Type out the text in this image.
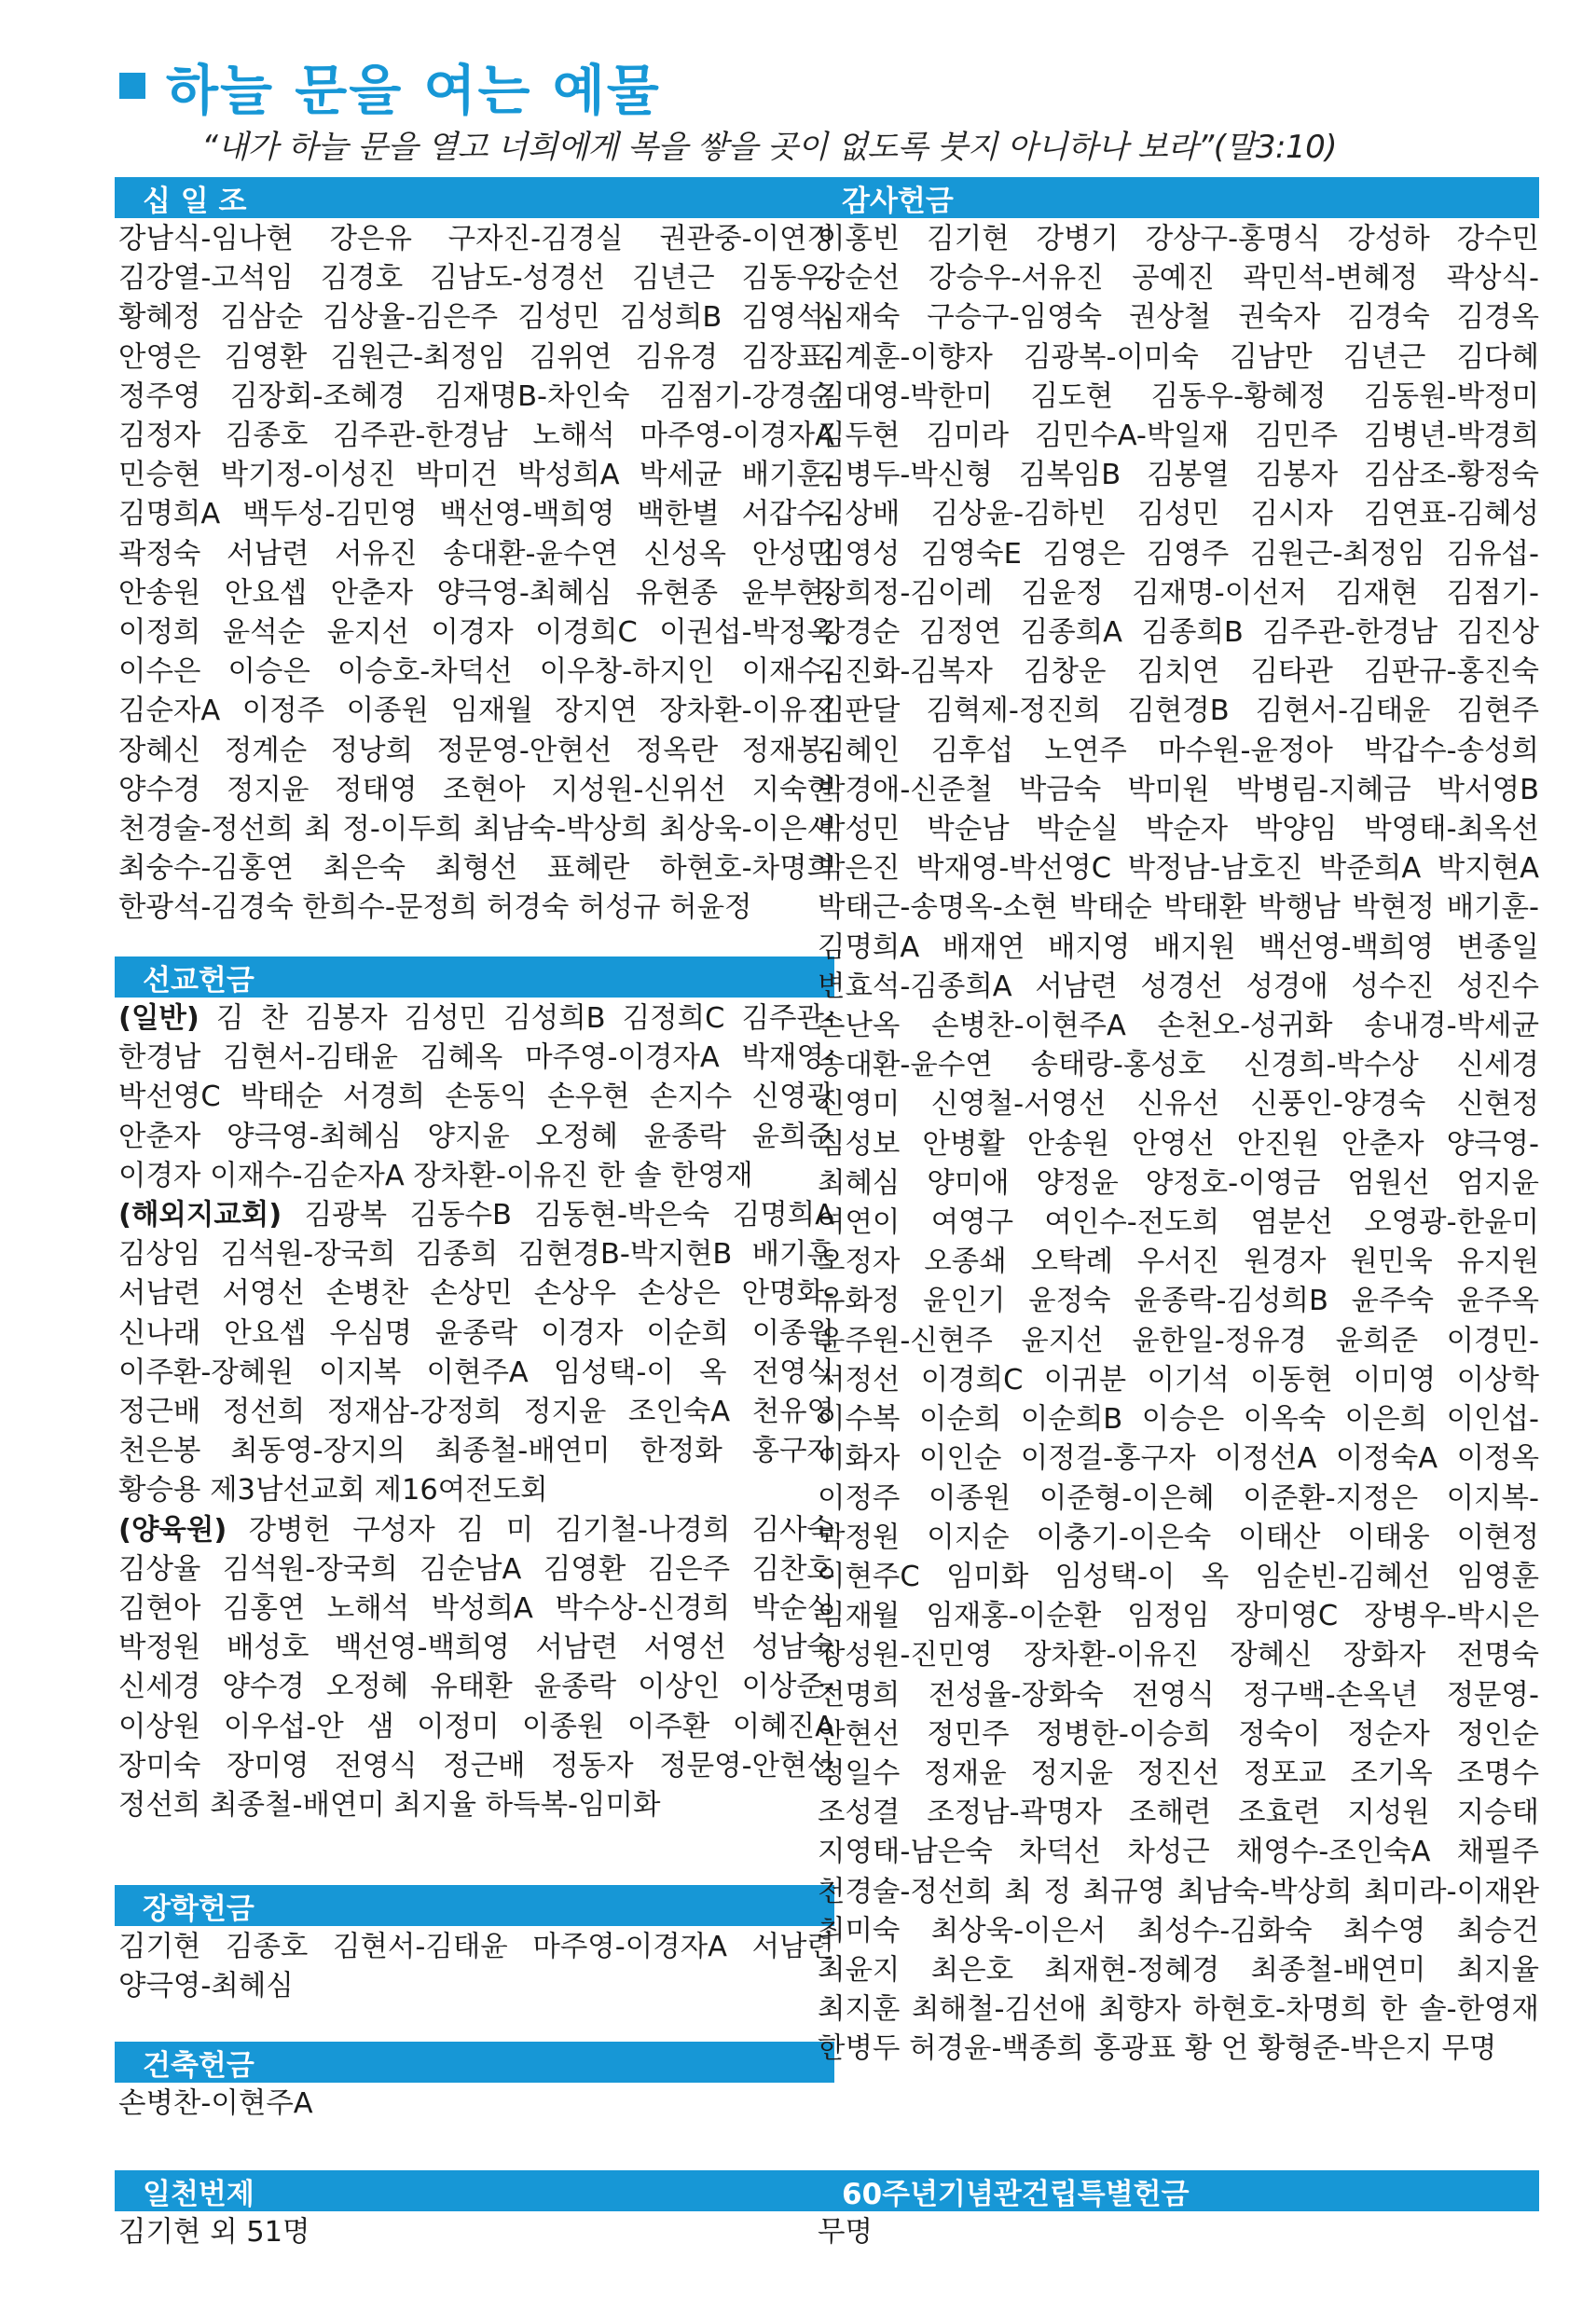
하늘 문을 여는 예물
“내가 하늘 문을 열고 너희에게 복을 쌓을 곳이 없도록 붓지 아니하나 보라”(말3:10)
십 일 조
강남식-임나현 강은유 구자진-김경실 권관중-이연경 김강열-고석임 김경호 김남도-성경선 김년근 김동우-황혜정 김삼순 김상율-김은주 김성민 김성희B 김영석-안영은 김영환 김원근-최정임 김위연 김유경 김장표-정주영 김장회-조혜경 김재명B-차인숙 김점기-강경순 김정자 김종호 김주관-한경남 노해석 마주영-이경자A 민승현 박기정-이성진 박미건 박성희A 박세균 배기훈-김명희A 백두성-김민영 백선영-백희영 백한별 서갑수-곽정숙 서남련 서유진 송대환-윤수연 신성옥 안성민 안송원 안요셉 안춘자 양극영-최혜심 유현종 윤부현-이정희 윤석순 윤지선 이경자 이경희C 이권섭-박정옥 이수은 이승은 이승호-차덕선 이우창-하지인 이재수-김순자A 이정주 이종원 임재월 장지연 장차환-이유진 장혜신 정계순 정낭희 정문영-안현선 정옥란 정재봉-양수경 정지윤 정태영 조현아 지성원-신위선 지숙현 천경술-정선희 최 정-이두희 최남숙-박상희 최상욱-이은서 최숭수-김홍연 최은숙 최형선 표혜란 하현호-차명희 한광석-김경숙 한희수-문정희 허경숙 허성규 허윤정
선교헌금

(일반) 김 찬 김봉자 김성민 김성희B 김정희C 김주관-한경남 김현서-김태윤 김혜옥 마주영-이경자A 박재영-박선영C 박태순 서경희 손동익 손우현 손지수 신영광 안춘자 양극영-최혜심 양지윤 오정혜 윤종락 윤희준 이경자 이재수-김순자A 장차환-이유진 한 솔 한영재

(해외지교회) 김광복 김동수B 김동현-박은숙 김명희A 김상임 김석원-장국희 김종희 김현경B-박지현B 배기훈 서남련 서영선 손병찬 손상민 손상우 손상은 안명화-신나래 안요셉 우심명 윤종락 이경자 이순희 이종원 이주환-장혜원 이지복 이현주A 임성택-이 옥 전영식 정근배 정선희 정재삼-강정희 정지윤 조인숙A 천유영 천은봉 최동영-장지의 최종철-배연미 한정화 홍구자 황승용 제3남선교회 제16여전도회

(양육원) 강병헌 구성자 김 미 김기철-나경희 김사숙 김상율 김석원-장국희 김순남A 김영환 김은주 김찬호 김현아 김홍연 노해석 박성희A 박수상-신경희 박순실 박정원 배성호 백선영-백희영 서남련 서영선 성남숙 신세경 양수경 오정혜 유태환 윤종락 이상인 이상준-이상원 이우섭-안 샘 이정미 이종원 이주환 이혜진A 장미숙 장미영 전영식 정근배 정동자 정문영-안현선 정선희 최종철-배연미 최지율 하득복-임미화

장학헌금
김기현 김종호 김현서-김태윤 마주영-이경자A 서남련 양극영-최혜심
건축헌금
손병찬-이현주A
일천번제
김기현 외 51명
감사헌금
이홍빈 김기현 강병기 강상구-홍명식 강성하 강수민 강순선 강승우-서유진 공예진 곽민석-변혜정 곽상식-심재숙 구승구-임영숙 권상철 권숙자 김경숙 김경옥 김계훈-이향자 김광복-이미숙 김남만 김년근 김다혜 김대영-박한미 김도현 김동우-황혜정 김동원-박정미 김두현 김미라 김민수A-박일재 김민주 김병년-박경희 김병두-박신형 김복임B 김봉열 김봉자 김삼조-황정숙 김상배 김상윤-김하빈 김성민 김시자 김연표-김혜성 김영성 김영숙E 김영은 김영주 김원근-최정임 김유섭-장희정-김이레 김윤정 김재명-이선저 김재현 김점기-강경순 김정연 김종희A 김종희B 김주관-한경남 김진상 김진화-김복자 김창운 김치연 김타관 김판규-홍진숙 김판달 김혁제-정진희 김현경B 김현서-김태윤 김현주 김혜인 김후섭 노연주 마수원-윤정아 박갑수-송성희 박경애-신준철 박금숙 박미원 박병림-지혜금 박서영B 박성민 박순남 박순실 박순자 박양임 박영태-최옥선 박은진 박재영-박선영C 박정남-남호진 박준희A 박지현A 박태근-송명옥-소현 박태순 박태환 박행남 박현정 배기훈-김명희A 배재연 배지영 배지원 백선영-백희영 변종일 변효석-김종희A 서남련 성경선 성경애 성수진 성진수 손난옥 손병찬-이현주A 손천오-성귀화 송내경-박세균 송대환-윤수연 송태랑-홍성호 신경희-박수상 신세경 신영미 신영철-서영선 신유선 신풍인-양경숙 신현정 심성보 안병활 안송원 안영선 안진원 안춘자 양극영-최혜심 양미애 양정윤 양정호-이영금 엄원선 엄지윤 여연이 여영구 여인수-전도희 염분선 오영광-한윤미 오정자 오종쇄 오탁례 우서진 원경자 원민욱 유지원 유화정 윤인기 윤정숙 윤종락-김성희B 윤주숙 윤주옥 윤주원-신현주 윤지선 윤한일-정유경 윤희준 이경민-서정선 이경희C 이귀분 이기석 이동현 이미영 이상학 이수복 이순희 이순희B 이승은 이옥숙 이은희 이인섭-이화자 이인순 이정걸-홍구자 이정선A 이정숙A 이정옥 이정주 이종원 이준형-이은혜 이준환-지정은 이지복-박정원 이지순 이충기-이은숙 이태산 이태웅 이현정 이현주C 임미화 임성택-이 옥 임순빈-김혜선 임영훈 임재월 임재홍-이순환 임정임 장미영C 장병우-박시은 장성원-진민영 장차환-이유진 장혜신 장화자 전명숙 전명희 전성율-장화숙 전영식 정구백-손옥년 정문영-안현선 정민주 정병한-이승희 정숙이 정순자 정인순 정일수 정재윤 정지윤 정진선 정포교 조기옥 조명수 조성결 조정남-곽명자 조해련 조효련 지성원 지승태 지영태-남은숙 차덕선 차성근 채영수-조인숙A 채필주 천경술-정선희 최 정 최규영 최남숙-박상희 최미라-이재완 최미숙 최상욱-이은서 최성수-김화숙 최수영 최승건 최윤지 최은호 최재현-정혜경 최종철-배연미 최지율 최지훈 최해철-김선애 최향자 하현호-차명희 한 솔-한영재 한병두 허경윤-백종희 홍광표 황 언 황형준-박은지 무명
60주년기념관건립특별헌금
무명
